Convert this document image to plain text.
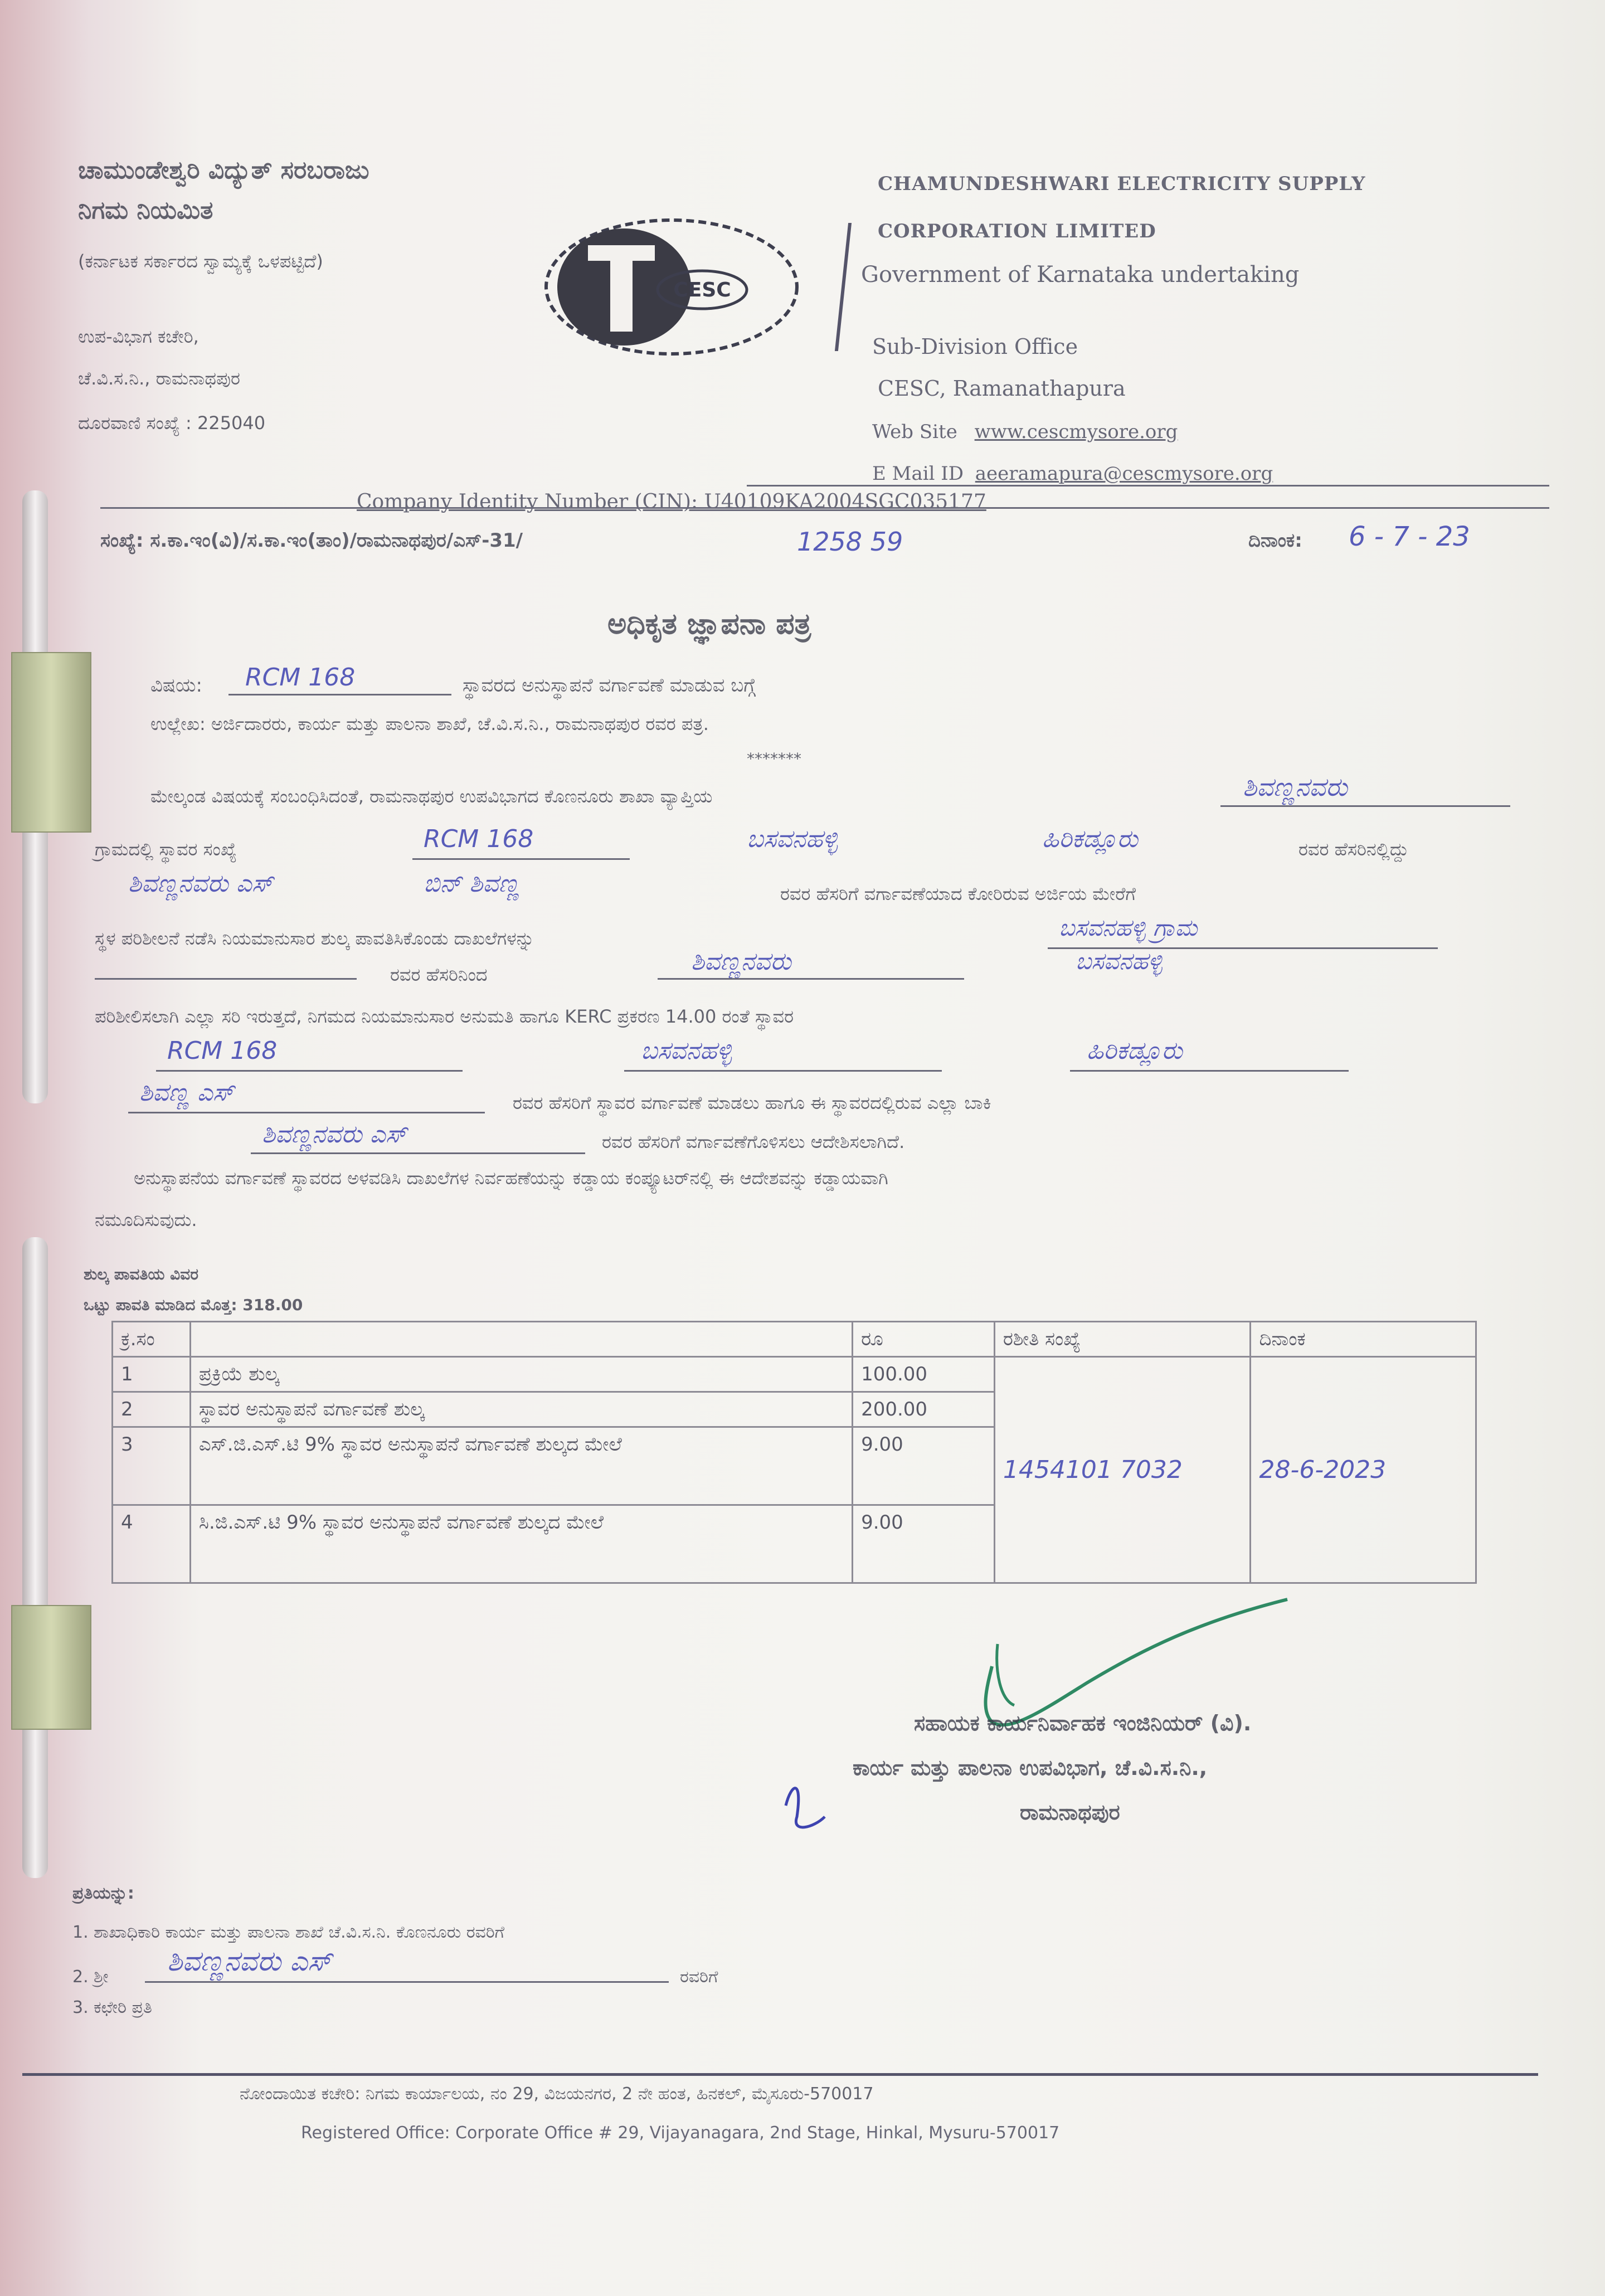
ಚಾಮುಂಡೇಶ್ವರಿ ವಿದ್ಯುತ್ ಸರಬರಾಜು
ನಿಗಮ ನಿಯಮಿತ
(ಕರ್ನಾಟಕ ಸರ್ಕಾರದ ಸ್ವಾಮ್ಯಕ್ಕೆ ಒಳಪಟ್ಟಿದೆ)
ಉಪ-ವಿಭಾಗ ಕಚೇರಿ,
ಚೆ.ವಿ.ಸ.ನಿ., ರಾಮನಾಥಪುರ
ದೂರವಾಣಿ ಸಂಖ್ಯೆ : 225040
CESC
CHAMUNDESHWARI ELECTRICITY SUPPLY
CORPORATION LIMITED
Government of Karnataka undertaking
Sub-Division Office
CESC, Ramanathapura
Web Site www.cescmysore.org
E Mail ID aeeramapura@cescmysore.org
Company Identity Number (CIN): U40109KA2004SGC035177
ಸಂಖ್ಯೆ: ಸ.ಕಾ.ಇಂ(ವಿ)/ಸ.ಕಾ.ಇಂ(ತಾಂ)/ರಾಮನಾಥಪುರ/ಎಸ್-31/	1258 59	ದಿನಾಂಕ: 6 - 7 - 23
ಅಧಿಕೃತ ಜ್ಞಾಪನಾ ಪತ್ರ
ವಿಷಯ: RCM 168	ಸ್ಥಾವರದ ಅನುಸ್ಥಾಪನೆ ವರ್ಗಾವಣೆ ಮಾಡುವ ಬಗ್ಗೆ
ಉಲ್ಲೇಖ: ಅರ್ಜಿದಾರರು, ಕಾರ್ಯ ಮತ್ತು ಪಾಲನಾ ಶಾಖೆ, ಚೆ.ವಿ.ಸ.ನಿ., ರಾಮನಾಥಪುರ ರವರ ಪತ್ರ.
*******
ಮೇಲ್ಕಂಡ ವಿಷಯಕ್ಕೆ ಸಂಬಂಧಿಸಿದಂತೆ, ರಾಮನಾಥಪುರ ಉಪವಿಭಾಗದ ಕೊಣನೂರು ಶಾಖಾ ವ್ಯಾಪ್ತಿಯ	ಶಿವಣ್ಣನವರು
ಗ್ರಾಮದಲ್ಲಿ ಸ್ಥಾವರ ಸಂಖ್ಯೆ	RCM 168	ಬಸವನಹಳ್ಳಿ	ಹಿರಿಕಡ್ಲೂರು	ರವರ ಹೆಸರಿನಲ್ಲಿದ್ದು
ಶಿವಣ್ಣನವರು ಎಸ್	ಬಿನ್ ಶಿವಣ್ಣ	ರವರ ಹೆಸರಿಗೆ ವರ್ಗಾವಣೆಯಾದ ಕೋರಿರುವ ಅರ್ಜಿಯ ಮೇರೆಗೆ
ಸ್ಥಳ ಪರಿಶೀಲನೆ ನಡೆಸಿ ನಿಯಮಾನುಸಾರ ಶುಲ್ಕ ಪಾವತಿಸಿಕೊಂಡು ದಾಖಲೆಗಳನ್ನು	ಬಸವನಹಳ್ಳಿ ಗ್ರಾಮ
ರವರ ಹೆಸರಿನಿಂದ	ಶಿವಣ್ಣನವರು	ಬಸವನಹಳ್ಳಿ
ಪರಿಶೀಲಿಸಲಾಗಿ ಎಲ್ಲಾ ಸರಿ ಇರುತ್ತದೆ, ನಿಗಮದ ನಿಯಮಾನುಸಾರ ಅನುಮತಿ ಹಾಗೂ KERC ಪ್ರಕರಣ 14.00 ರಂತೆ ಸ್ಥಾವರ
RCM 168	ಬಸವನಹಳ್ಳಿ	ಹಿರಿಕಡ್ಲೂರು
ಶಿವಣ್ಣ ಎಸ್	ರವರ ಹೆಸರಿಗೆ ಸ್ಥಾವರ ವರ್ಗಾವಣೆ ಮಾಡಲು ಹಾಗೂ ಈ ಸ್ಥಾವರದಲ್ಲಿರುವ ಎಲ್ಲಾ ಬಾಕಿ
ಶಿವಣ್ಣನವರು ಎಸ್	ರವರ ಹೆಸರಿಗೆ ವರ್ಗಾವಣೆಗೊಳಿಸಲು ಆದೇಶಿಸಲಾಗಿದೆ.
ಅನುಸ್ಥಾಪನೆಯ ವರ್ಗಾವಣೆ ಸ್ಥಾವರದ ಅಳವಡಿಸಿ ದಾಖಲೆಗಳ ನಿರ್ವಹಣೆಯನ್ನು ಕಡ್ಡಾಯ ಕಂಪ್ಯೂಟರ್‌ನಲ್ಲಿ ಈ ಆದೇಶವನ್ನು ಕಡ್ಡಾಯವಾಗಿ
ನಮೂದಿಸುವುದು.
ಶುಲ್ಕ ಪಾವತಿಯ ವಿವರ
ಒಟ್ಟು ಪಾವತಿ ಮಾಡಿದ ಮೊತ್ತ: 318.00
ಕ್ರ.ಸಂ		ರೂ	ರಶೀತಿ ಸಂಖ್ಯೆ	ದಿನಾಂಕ
1	ಪ್ರಕ್ರಿಯೆ ಶುಲ್ಕ	100.00	1454101 7032	28-6-2023
2	ಸ್ಥಾವರ ಅನುಸ್ಥಾಪನೆ ವರ್ಗಾವಣೆ ಶುಲ್ಕ	200.00		
3	ಎಸ್.ಜಿ.ಎಸ್.ಟಿ 9% ಸ್ಥಾವರ ಅನುಸ್ಥಾಪನೆ ವರ್ಗಾವಣೆ ಶುಲ್ಕದ ಮೇಲೆ	9.00		
4	ಸಿ.ಜಿ.ಎಸ್.ಟಿ 9% ಸ್ಥಾವರ ಅನುಸ್ಥಾಪನೆ ವರ್ಗಾವಣೆ ಶುಲ್ಕದ ಮೇಲೆ	9.00		
ಸಹಾಯಕ ಕಾರ್ಯನಿರ್ವಾಹಕ ಇಂಜಿನಿಯರ್ (ವಿ).
ಕಾರ್ಯ ಮತ್ತು ಪಾಲನಾ ಉಪವಿಭಾಗ, ಚೆ.ವಿ.ಸ.ನಿ.,
ರಾಮನಾಥಪುರ
ಪ್ರತಿಯನ್ನು:
1. ಶಾಖಾಧಿಕಾರಿ ಕಾರ್ಯ ಮತ್ತು ಪಾಲನಾ ಶಾಖೆ ಚೆ.ವಿ.ಸ.ನಿ. ಕೊಣನೂರು ರವರಿಗೆ
2. ಶ್ರೀ ಶಿವಣ್ಣನವರು ಎಸ್	ರವರಿಗೆ
3. ಕಛೇರಿ ಪ್ರತಿ
ನೋಂದಾಯಿತ ಕಚೇರಿ: ನಿಗಮ ಕಾರ್ಯಾಲಯ, ನಂ 29, ವಿಜಯನಗರ, 2 ನೇ ಹಂತ, ಹಿನಕಲ್, ಮೈಸೂರು-570017
Registered Office: Corporate Office # 29, Vijayanagara, 2nd Stage, Hinkal, Mysuru-570017
